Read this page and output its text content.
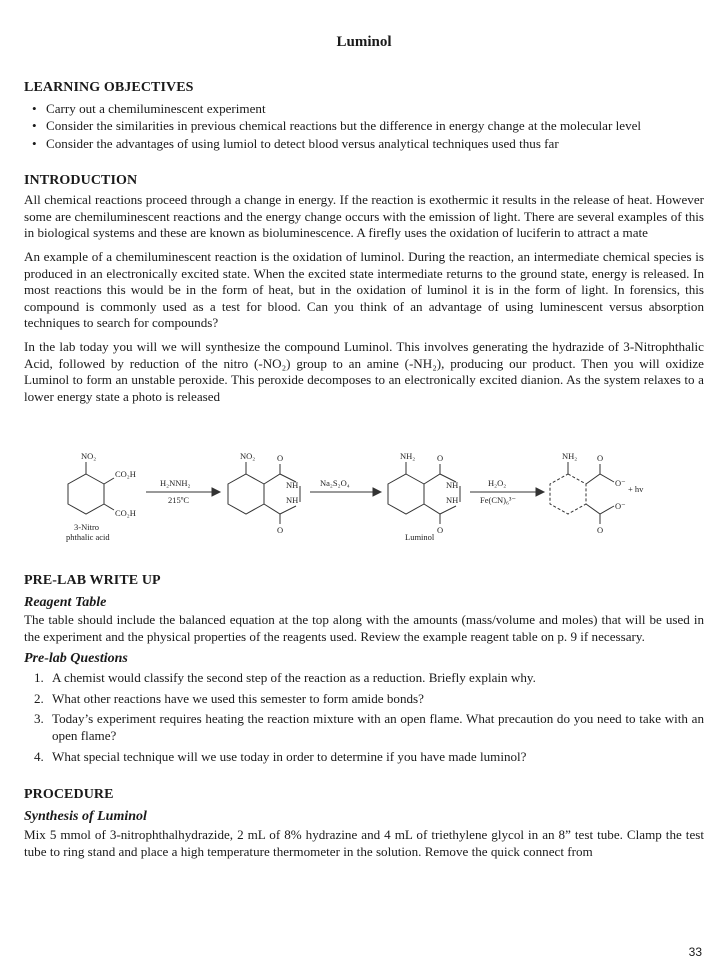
Luminol
LEARNING OBJECTIVES
• Carry out a chemiluminescent experiment
• Consider the similarities in previous chemical reactions but the difference in energy change at the molecular level
• Consider the advantages of using lumiol to detect blood versus analytical techniques used thus far
INTRODUCTION

All chemical reactions proceed through a change in energy. If the reaction is exothermic it results in the release of heat. However some are chemiluminescent reactions and the energy change occurs with the emission of light. There are several examples of this in biological systems and these are known as bioluminescence. A firefly uses the oxidation of luciferin to attract a mate

An example of a chemiluminescent reaction is the oxidation of luminol. During the reaction, an intermediate chemical species is produced in an electronically excited state. When the excited state intermediate returns to the ground state, energy is released. In most reactions this would be in the form of heat, but in the oxidation of luminol it is in the form of light. In forensics, this compound is commonly used as a test for blood. Can you think of an advantage of using luminescent versus absorption techniques to search for compounds?

In the lab today you will we will synthesize the compound Luminol. This involves generating the hydrazide of 3-Nitrophthalic Acid, followed by reduction of the nitro (-NO₂) group to an amine (-NH₂), producing our product. Then you will oxidize Luminol to form an unstable peroxide. This peroxide decomposes to an electronically excited dianion. As the system relaxes to a lower energy state a photo is released

NO₂
CO₂H
CO₂H
3-Nitro
phthalic acid
H₂NNH₂
215ºC
NO₂	O
NH
NH
O
Na₂S₂O₄
NH₂	O
NH
NH
O
Luminol
H₂O₂
Fe(CN)₆³⁻
NH₂ O
O⁻
O⁻
O
+ hv
PRE-LAB WRITE UP
Reagent Table

The table should include the balanced equation at the top along with the amounts (mass/volume and moles) that will be used in the experiment and the physical properties of the reagents used. Review the example reagent table on p. 9 if necessary.

Pre-lab Questions
1. A chemist would classify the second step of the reaction as a reduction. Briefly explain why.
2. What other reactions have we used this semester to form amide bonds?
3. Today’s experiment requires heating the reaction mixture with an open flame. What precaution do you need to take with an open flame?
4. What special technique will we use today in order to determine if you have made luminol?
PROCEDURE
Synthesis of Luminol

Mix 5 mmol of 3-nitrophthalhydrazide, 2 mL of 8% hydrazine and 4 mL of triethylene glycol in an 8” test tube. Clamp the test tube to ring stand and place a high temperature thermometer in the solution. Remove the quick connect from

33
